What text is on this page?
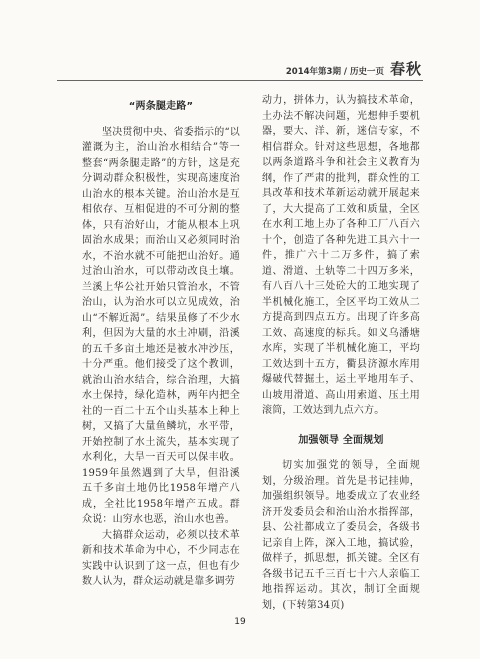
2014年第3期 / 历史一页 春秋
“两条腿走路”

坚决贯彻中央、省委指示的“以灌溉为主，治山治水相结合”等一整套“两条腿走路”的方针，这是充分调动群众积极性，实现高速度治山治水的根本关键。治山治水是互相依存、互相促进的不可分割的整体，只有治好山，才能从根本上巩固治水成果；而治山又必须同时治水，不治水就不可能把山治好。通过治山治水，可以带动改良土壤。兰溪上华公社开始只管治水，不管治山，认为治水可以立见成效，治山“不解近渴”。结果虽修了不少水利，但因为大量的水土冲刷，沿溪的五千多亩土地还是被水冲沙压，十分严重。他们接受了这个教训，就治山治水结合，综合治理，大搞水土保持，绿化造林，两年内把全社的一百二十五个山头基本上种上树，又搞了大量鱼鳞坑，水平带，开始控制了水土流失，基本实现了水利化，大旱一百天可以保丰收。1959年虽然遇到了大旱，但沿溪五千多亩土地仍比1958年增产八成，全社比1958年增产五成。群众说：山穷水也恶，治山水也善。

大搞群众运动，必须以技术革新和技术革命为中心，不少同志在实践中认识到了这一点，但也有少数人认为，群众运动就是靠多调劳

动力，拼体力，认为搞技术革命，土办法不解决问题，光想伸手要机器，要大、洋、新，迷信专家，不相信群众。针对这些思想，各地都以两条道路斗争和社会主义教育为纲，作了严肃的批判，群众性的工具改革和技术革新运动就开展起来了，大大提高了工效和质量，全区在水利工地上办了各种工厂八百六十个，创造了各种先进工具六十一件，推广六十二万多件，搞了索道、滑道、土轨等二十四万多米，有八百八十三处砼大的工地实现了半机械化施工，全区平均工效从二方提高到四点五方。出现了许多高工效、高速度的标兵。如义乌潘塘水库，实现了半机械化施工，平均工效达到十五方，衢县济源水库用爆破代替掘土，运土平地用车子、山坡用滑道、高山用索道、压土用滚筒，工效达到九点六方。

加强领导 全面规划

切实加强党的领导，全面规划，分级治理。首先是书记挂帅，加强组织领导。地委成立了农业经济开发委员会和治山治水指挥部，县、公社都成立了委员会，各级书记亲自上阵，深入工地，搞试验，做样子，抓思想，抓关键。全区有各级书记五千三百七十六人亲临工地指挥运动。其次，制订全面规划，(下转第34页)

19
